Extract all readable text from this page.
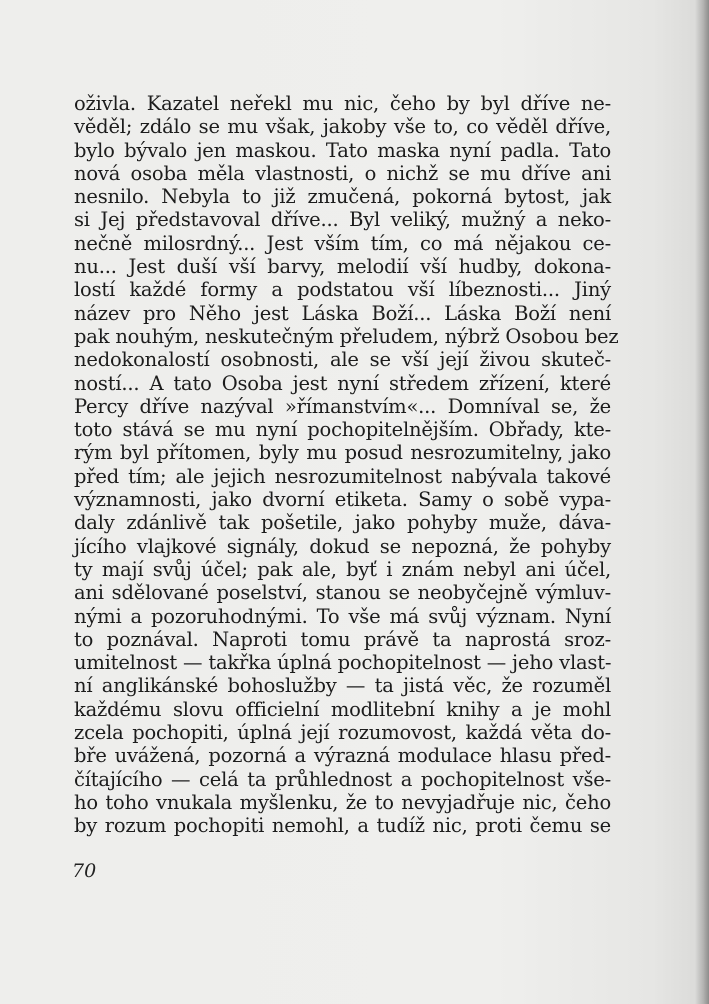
oživla. Kazatel neřekl mu nic, čeho by byl dříve ne-
věděl; zdálo se mu však, jakoby vše to, co věděl dříve,
bylo bývalo jen maskou. Tato maska nyní padla. Tato
nová osoba měla vlastnosti, o nichž se mu dříve ani
nesnilo. Nebyla to již zmučená, pokorná bytost, jak
si Jej představoval dříve... Byl veliký, mužný a neko-
nečně milosrdný... Jest vším tím, co má nějakou ce-
nu... Jest duší vší barvy, melodií vší hudby, dokona-
lostí každé formy a podstatou vší líbeznosti... Jiný
název pro Něho jest Láska Boží... Láska Boží není
pak nouhým, neskutečným přeludem, nýbrž Osobou bez
nedokonalostí osobnosti, ale se vší její živou skuteč-
ností... A tato Osoba jest nyní středem zřízení, které
Percy dříve nazýval »římanstvím«... Domníval se, že
toto stává se mu nyní pochopitelnějším. Obřady, kte-
rým byl přítomen, byly mu posud nesrozumitelny, jako
před tím; ale jejich nesrozumitelnost nabývala takové
významnosti, jako dvorní etiketa. Samy o sobě vypa-
daly zdánlivě tak pošetile, jako pohyby muže, dáva-
jícího vlajkové signály, dokud se nepozná, že pohyby
ty mají svůj účel; pak ale, byť i znám nebyl ani účel,
ani sdělované poselství, stanou se neobyčejně výmluv-
nými a pozoruhodnými. To vše má svůj význam. Nyní
to poznával. Naproti tomu právě ta naprostá sroz-
umitelnost — takřka úplná pochopitelnost — jeho vlast-
ní anglikánské bohoslužby — ta jistá věc, že rozuměl
každému slovu officielní modlitební knihy a je mohl
zcela pochopiti, úplná její rozumovost, každá věta do-
bře uvážená, pozorná a výrazná modulace hlasu před-
čítajícího — celá ta průhlednost a pochopitelnost vše-
ho toho vnukala myšlenku, že to nevyjadřuje nic, čeho
by rozum pochopiti nemohl, a tudíž nic, proti čemu se
70
